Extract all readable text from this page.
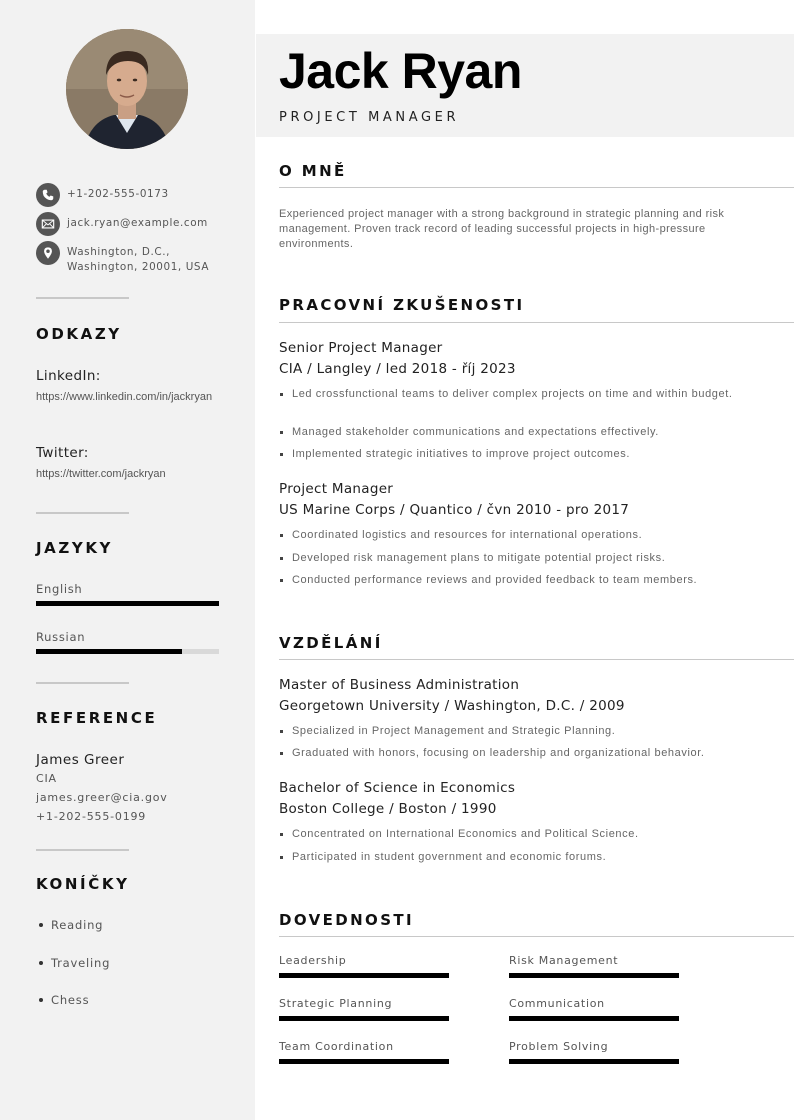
+1-202-555-0173
jack.ryan@example.com
Washington, D.C.,
Washington, 20001, USA
ODKAZY
LinkedIn:
https://www.linkedin.com/in/jackryan
Twitter:
https://twitter.com/jackryan
JAZYKY
English
Russian
REFERENCE
James Greer
CIA
james.greer@cia.gov
+1-202-555-0199
KONÍČKY
Reading
Traveling
Chess
Jack Ryan
PROJECT MANAGER
O MNĚ

Experienced project manager with a strong background in strategic planning and risk management. Proven track record of leading successful projects in high-pressure environments.

PRACOVNÍ ZKUŠENOSTI
Senior Project Manager
CIA / Langley / led 2018 - říj 2023
Led crossfunctional teams to deliver complex projects on time and within budget.
Managed stakeholder communications and expectations effectively.
Implemented strategic initiatives to improve project outcomes.
Project Manager
US Marine Corps / Quantico / čvn 2010 - pro 2017
Coordinated logistics and resources for international operations.
Developed risk management plans to mitigate potential project risks.
Conducted performance reviews and provided feedback to team members.
VZDĚLÁNÍ
Master of Business Administration
Georgetown University / Washington, D.C. / 2009
Specialized in Project Management and Strategic Planning.
Graduated with honors, focusing on leadership and organizational behavior.
Bachelor of Science in Economics
Boston College / Boston / 1990
Concentrated on International Economics and Political Science.
Participated in student government and economic forums.
DOVEDNOSTI
Leadership	Risk Management
Strategic Planning	Communication
Team Coordination	Problem Solving
